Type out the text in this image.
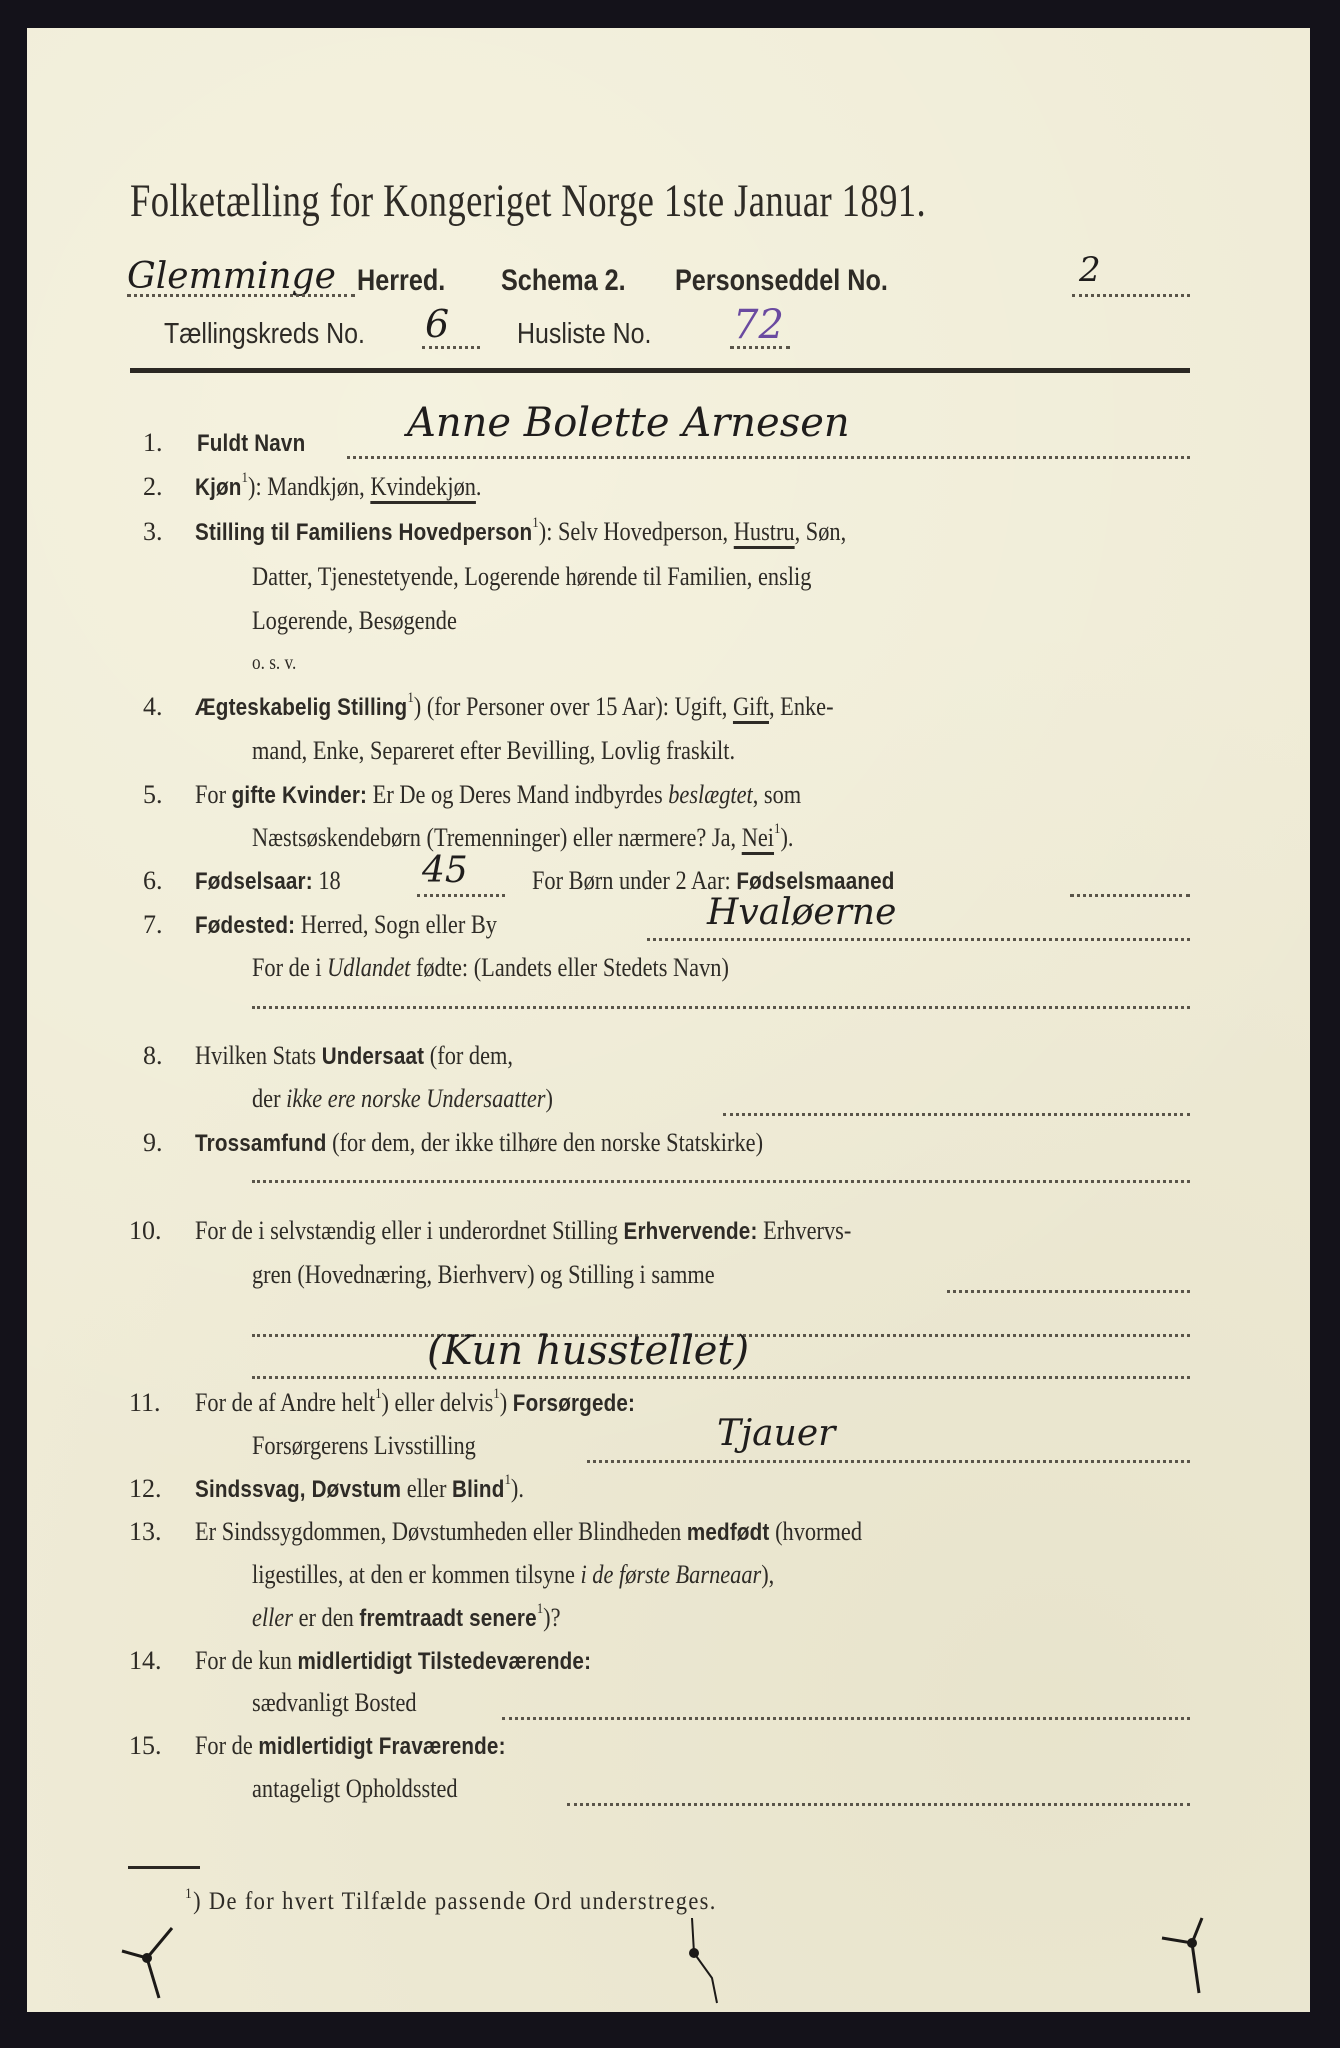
Folketælling for Kongeriget Norge 1ste Januar 1891.
Glemminge Herred. Schema 2. Personseddel No.	2
Tællingskreds No. 6 Husliste No. 72
1.	Fuldt Navn	Anne Bolette Arnesen
2.	Kjøn$^1$): Mandkjøn, Kvindekjøn.
3.	Stilling til Familiens Hovedperson$^1$): Selv Hovedperson, Hustru, Søn,
Datter, Tjenestetyende, Logerende hørende til Familien, enslig
Logerende, Besøgende
o. s. v.
4.	Ægteskabelig Stilling$^1$) (for Personer over 15 Aar): Ugift, Gift, Enke-
mand, Enke, Separeret efter Bevilling, Lovlig fraskilt.
5.	For gifte Kvinder: Er De og Deres Mand indbyrdes beslægtet, som
Næstsøskendebørn (Tremenninger) eller nærmere? Ja, Nei$^1$).
6.	Fødselsaar: 18 45 For Børn under 2 Aar: Fødselsmaaned
7.	Fødested: Herred, Sogn eller By	Hvaløerne
For de i Udlandet fødte: (Landets eller Stedets Navn)
8.	Hvilken Stats Undersaat (for dem,
der ikke ere norske Undersaatter)
9.	Trossamfund (for dem, der ikke tilhøre den norske Statskirke)
10. For de i selvstændig eller i underordnet Stilling Erhvervende: Erhvervs-
gren (Hovednæring, Bierhverv) og Stilling i samme
(Kun husstellet)
11.	For de af Andre helt$^1$) eller delvis$^1$) Forsørgede:
Forsørgerens Livsstilling	Tjauer
12.	Sindssvag, Døvstum eller Blind$^1$).
13. Er Sindssygdommen, Døvstumheden eller Blindheden medfødt (hvormed
ligestilles, at den er kommen tilsyne i de første Barneaar),
eller er den fremtraadt senere$^1$)?
14. For de kun midlertidigt Tilstedeværende:
sædvanligt Bosted
15. For de midlertidigt Fraværende:
antageligt Opholdssted
$^1$) De for hvert Tilfælde passende Ord understreges.
